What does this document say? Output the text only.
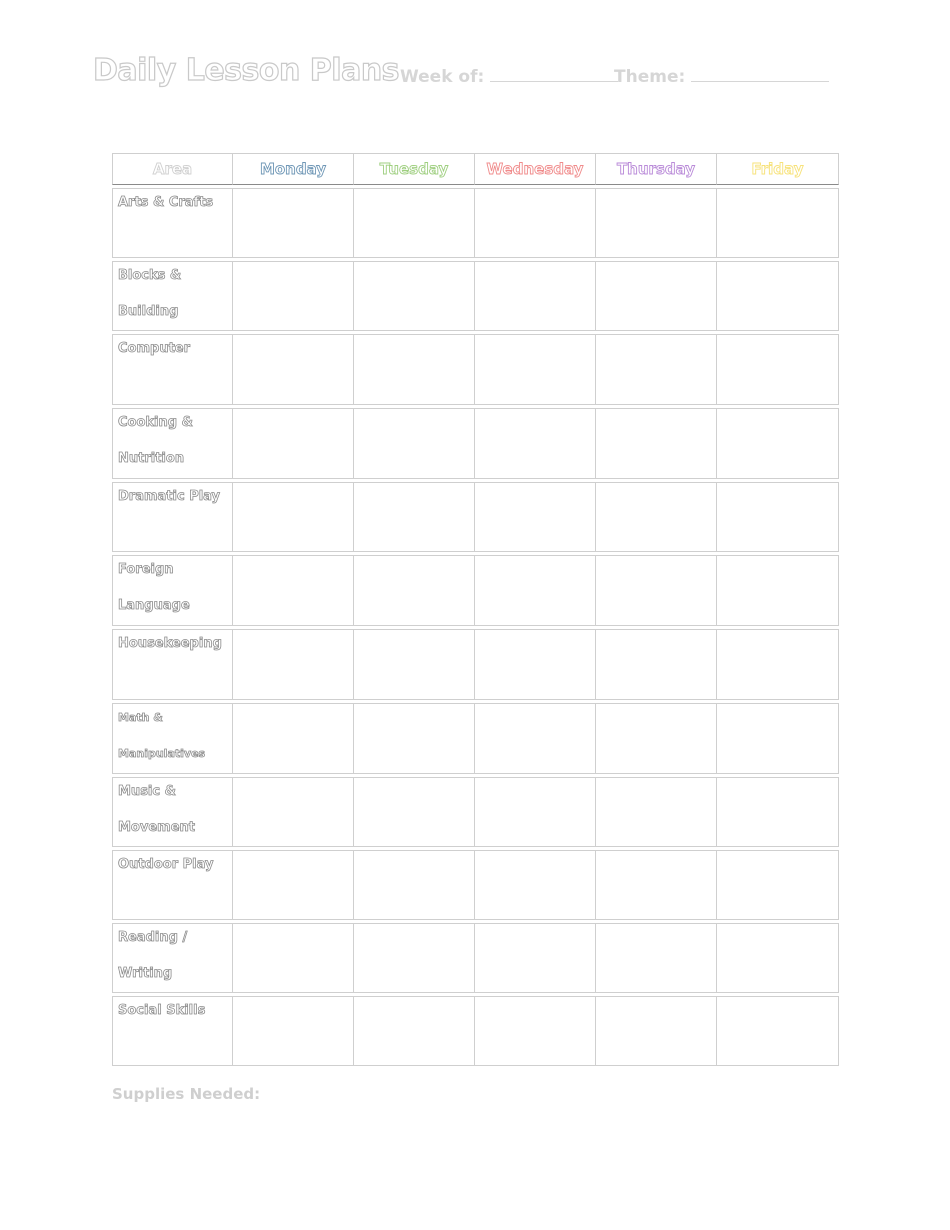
Daily Lesson Plans Week of:	Theme:
Area	Monday	Tuesday	Wednesday	Thursday	Friday

Arts & Crafts					

Blocks &
Building					

Computer					

Cooking &
Nutrition					

Dramatic Play					

Foreign
Language					

Housekeeping					

Math &
Manipulatives					

Music &
Movement					

Outdoor Play					

Reading /
Writing					

Social Skills					

Supplies Needed:
